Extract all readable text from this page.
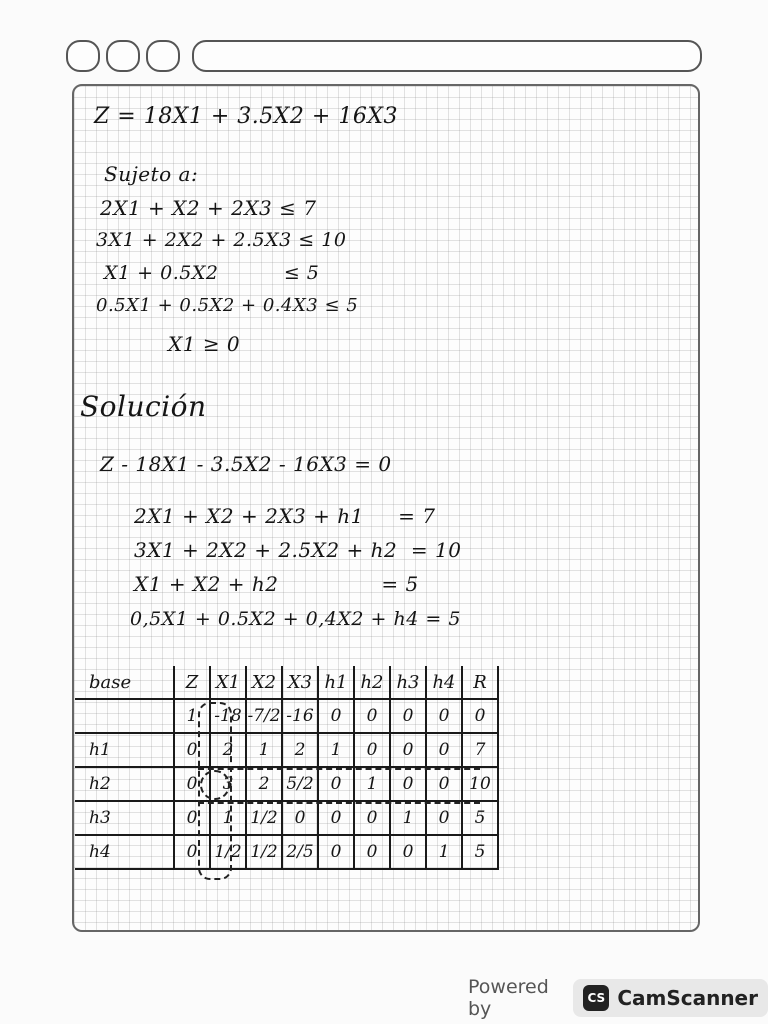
Z = 18X1 + 3.5X2 + 16X3
Sujeto a:
2X1 + X2 + 2X3 ≤ 7
3X1 + 2X2 + 2.5X3 ≤ 10
X1 + 0.5X2          ≤ 5
0.5X1 + 0.5X2 + 0.4X3 ≤ 5
X1 ≥ 0
Solución
Z - 18X1 - 3.5X2 - 16X3 = 0
2X1 + X2 + 2X3 + h1     = 7
3X1 + 2X2 + 2.5X2 + h2  = 10
X1 + X2 + h2               = 5
0,5X1 + 0.5X2 + 0,4X2 + h4 = 5
base	Z	X1	X2	X3	h1	h2	h3	h4	R
	1	-18	-7/2	-16	0	0	0	0	0
h1	0	2	1	2	1	0	0	0	7
h2	0	3	2	5/2	0	1	0	0	10
h3	0	1	1/2	0	0	0	1	0	5
h4	0	1/2	1/2	2/5	0	0	0	1	5
Powered by	CS CamScanner
